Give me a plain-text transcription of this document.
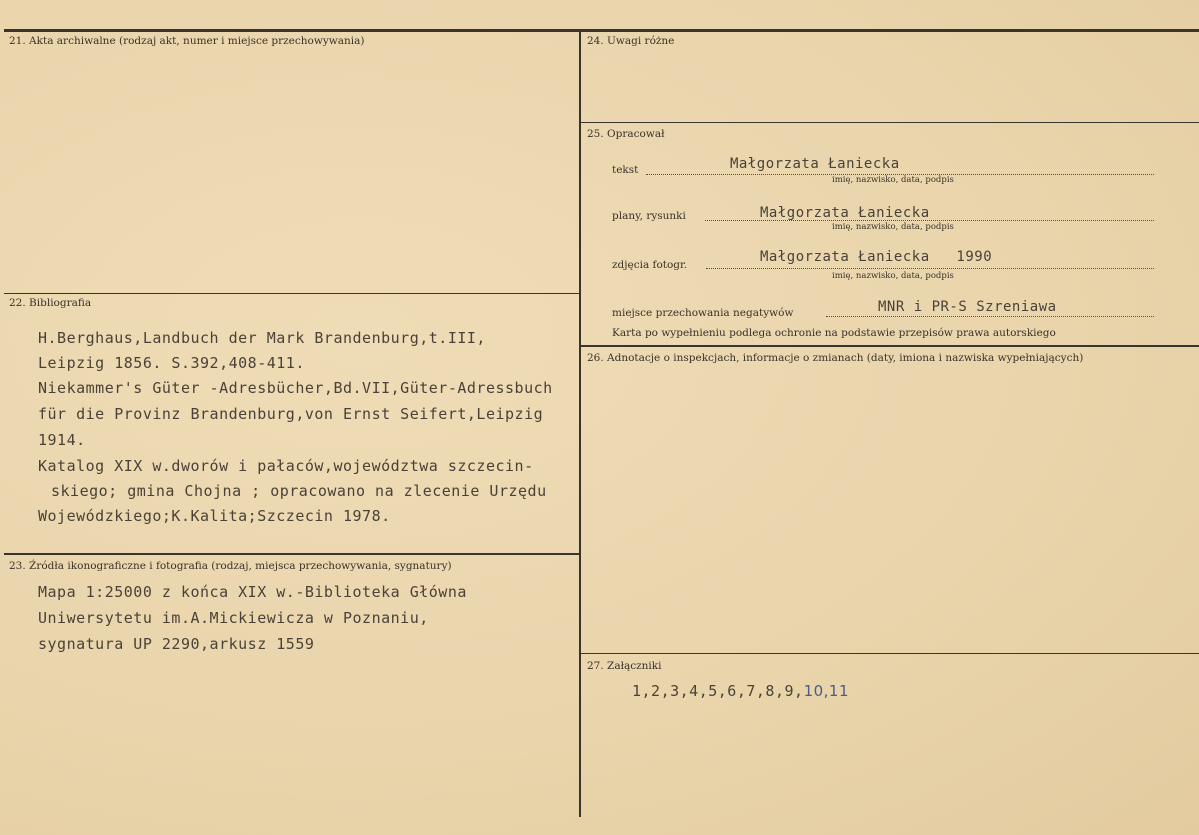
21. Akta archiwalne (rodzaj akt, numer i miejsce przechowywania)
22. Bibliografia
H.Berghaus,Landbuch der Mark Brandenburg,t.III,
Leipzig 1856. S.392,408-411.
Niekammer's Güter -Adresbücher,Bd.VII,Güter-Adressbuch
für die Provinz Brandenburg,von Ernst Seifert,Leipzig
1914.
Katalog XIX w.dworów i pałaców,województwa szczecin-
skiego; gmina Chojna ; opracowano na zlecenie Urzędu
Wojewódzkiego;K.Kalita;Szczecin 1978.
23. Źródła ikonograficzne i fotografia (rodzaj, miejsca przechowywania, sygnatury)
Mapa 1:25000 z końca XIX w.-Biblioteka Główna
Uniwersytetu im.A.Mickiewicza w Poznaniu,
sygnatura UP 2290,arkusz 1559
24. Uwagi różne
25. Opracował
tekst	Małgorzata Łaniecka
imię, nazwisko, data, podpis
plany, rysunki	Małgorzata Łaniecka
imię, nazwisko, data, podpis
zdjęcia fotogr.	Małgorzata Łaniecka   1990
imię, nazwisko, data, podpis
miejsce przechowania negatywów	MNR i PR-S Szreniawa
Karta po wypełnieniu podlega ochronie na podstawie przepisów prawa autorskiego
26. Adnotacje o inspekcjach, informacje o zmianach (daty, imiona i nazwiska wypełniających)
27. Załączniki
1,2,3,4,5,6,7,8,9,10,11
